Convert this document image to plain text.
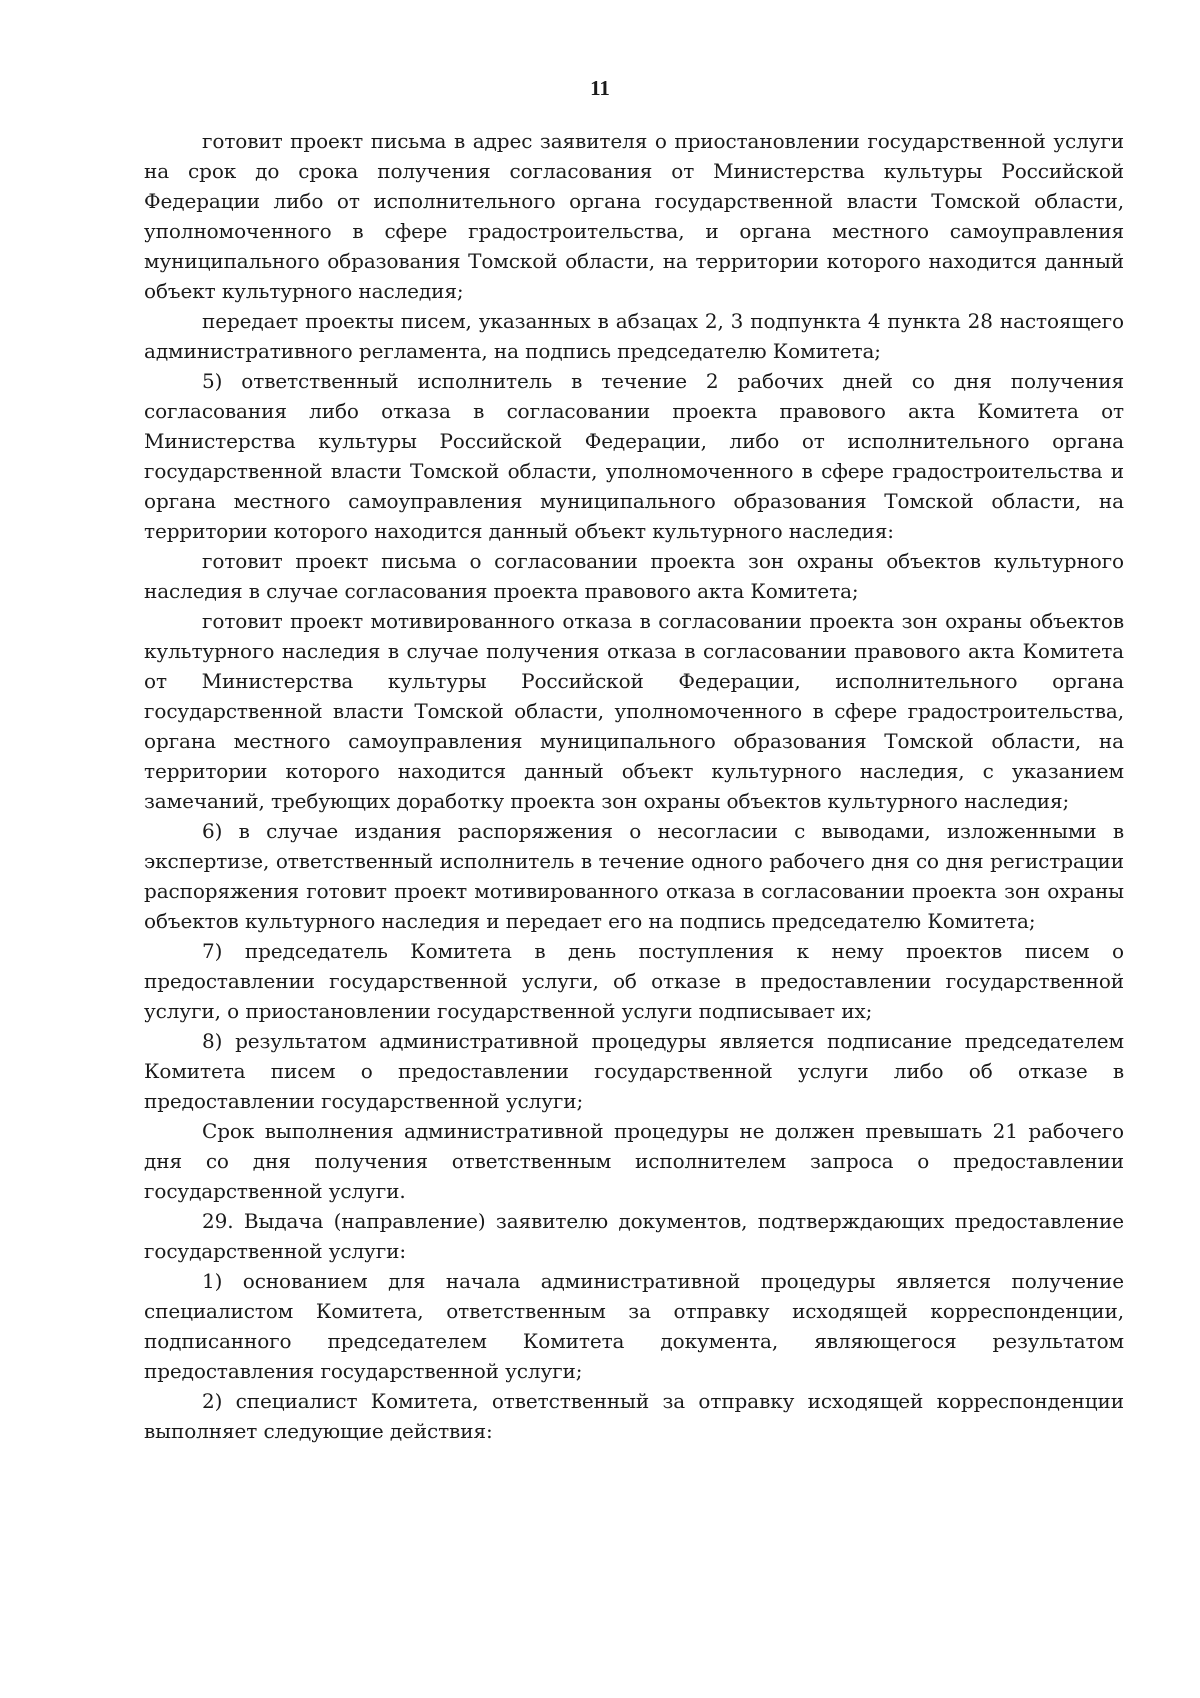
11

готовит проект письма в адрес заявителя о приостановлении государственной услуги на срок до срока получения согласования от Министерства культуры Российской Федерации либо от исполнительного органа государственной власти Томской области, уполномоченного в сфере градостроительства, и органа местного самоуправления муниципального образования Томской области, на территории которого находится данный объект культурного наследия;

передает проекты писем, указанных в абзацах 2, 3 подпункта 4 пункта 28 настоящего административного регламента, на подпись председателю Комитета;

5) ответственный исполнитель в течение 2 рабочих дней со дня получения согласования либо отказа в согласовании проекта правового акта Комитета от Министерства культуры Российской Федерации, либо от исполнительного органа государственной власти Томской области, уполномоченного в сфере градостроительства и органа местного самоуправления муниципального образования Томской области, на территории которого находится данный объект культурного наследия:

готовит проект письма о согласовании проекта зон охраны объектов культурного наследия в случае согласования проекта правового акта Комитета;

готовит проект мотивированного отказа в согласовании проекта зон охраны объектов культурного наследия в случае получения отказа в согласовании правового акта Комитета от Министерства культуры Российской Федерации, исполнительного органа государственной власти Томской области, уполномоченного в сфере градостроительства, органа местного самоуправления муниципального образования Томской области, на территории которого находится данный объект культурного наследия, с указанием замечаний, требующих доработку проекта зон охраны объектов культурного наследия;

6) в случае издания распоряжения о несогласии с выводами, изложенными в экспертизе, ответственный исполнитель в течение одного рабочего дня со дня регистрации распоряжения готовит проект мотивированного отказа в согласовании проекта зон охраны объектов культурного наследия и передает его на подпись председателю Комитета;

7) председатель Комитета в день поступления к нему проектов писем о предоставлении государственной услуги, об отказе в предоставлении государственной услуги, о приостановлении государственной услуги подписывает их;

8) результатом административной процедуры является подписание председателем Комитета писем о предоставлении государственной услуги либо об отказе в предоставлении государственной услуги;

Срок выполнения административной процедуры не должен превышать 21 рабочего дня со дня получения ответственным исполнителем запроса о предоставлении государственной услуги.

29. Выдача (направление) заявителю документов, подтверждающих предоставление государственной услуги:

1) основанием для начала административной процедуры является получение специалистом Комитета, ответственным за отправку исходящей корреспонденции, подписанного председателем Комитета документа, являющегося результатом предоставления государственной услуги;

2) специалист Комитета, ответственный за отправку исходящей корреспонденции выполняет следующие действия:
